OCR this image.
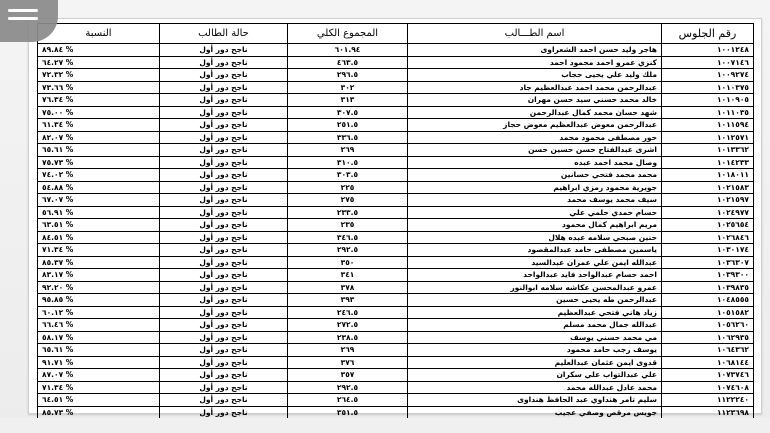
رقم الجلوس	اسم الطـــالب	المجموع الكلي	حالة الطالب	النسبة
١٠٠١٢٤٨	هاجر وليد حسن احمد الشعراوى	٦٠١.٩٤	ناجح دور أول	٨٩.٨٤ %
١٠٠٧١٤٦	كنزي عمرو احمد محمود احمد	٤٦٣.٥	ناجح دور أول	٦٤.٢٧ %
١٠٠٩٢٧٤	ملك وليد علي يحيى حجاب	٢٩٦.٥	ناجح دور أول	٧٢.٣٢ %
١٠١٠٣٧٥	عبدالرحمن محمد احمد عبدالعظيم جاد	٣٠٢	ناجح دور أول	٧٣.٦٦ %
١٠١٠٩٠٥	خالد محمد حسني سيد حسن مهران	٣١٣	ناجح دور أول	٧٦.٣٤ %
١٠١١٠٣٥	شهد حسان محمد كمال عبدالرحمن	٣٠٧.٥	ناجح دور أول	٧٥.٠٠ %
١٠١١٥٩٤	عبدالرحمن معوض عبدالعظيم معوض حجاز	٢٥١.٥	ناجح دور أول	٦١.٣٤ %
١٠١٢٥٧١	حور مصطفى محمود محمد	٣٣٦.٥	ناجح دور أول	٨٢.٠٧ %
١٠١٣٣٦٢	اشرى عبدالفتاح حسن حسين حسن	٢٦٩	ناجح دور أول	٦٥.٦١ %
١٠١٤٢٣٣	وصال محمد احمد عبده	٣١٠.٥	ناجح دور أول	٧٥.٧٣ %
١٠١٨٠١١	محمد محمد فتحي حسانين	٣٠٣.٥	ناجح دور أول	٧٤.٠٢ %
١٠٢١٥٨٣	جويرية محمود رمزي ابراهيم	٢٢٥	ناجح دور أول	٥٤.٨٨ %
١٠٢١٥٩٧	سيف محمد يوسف محمد	٢٧٥	ناجح دور أول	٦٧.٠٧ %
١٠٢٤٩٧٧	حسام حمدي حلمي علي	٢٣٣.٥	ناجح دور أول	٥٦.٩١ %
١٠٢٥٦٥٤	مريم ابراهيم كمال محمود	٢٣٥	ناجح دور أول	٦٣.٥١ %
١٠٢٦٨٤٦	حنين صبحي سلامه عبده هلال	٣٤٦.٥	ناجح دور أول	٨٤.٥١ %
١٠٣٠١٧٤	ياسمين مصطفى حامد عبدالمقصود	٢٩٢.٥	ناجح دور أول	٧١.٣٤ %
١٠٣٦٣٠٧	عبدالله ايمن علي عمران عبدالسيد	٣٥٠	ناجح دور أول	٨٥.٣٧ %
١٠٣٩٣٠٠	احمد حسام عبدالواحد فايد عبدالواحد	٣٤١	ناجح دور أول	٨٣.١٧ %
١٠٣٩٨٣٥	عمرو عبدالمحسن عكاشه سلامه ابوالنور	٣٧٨	ناجح دور أول	٩٢.٢٠ %
١٠٤٨٥٥٥	عبدالرحمن طه يحيى حسين	٣٩٣	ناجح دور أول	٩٥.٨٥ %
١٠٥١٥٨٢	زياد هاني فتحي عبدالعظيم	٢٤٦.٥	ناجح دور أول	٦٠.١٢ %
١٠٥٦٢٦٠	عبدالله جمال محمد مسلم	٢٧٢.٥	ناجح دور أول	٦٦.٤٦ %
١٠٦٢٩٣٥	مي محمد حسني يوسف	٢٣٨.٥	ناجح دور أول	٥٨.١٧ %
١٠٦٤٣٦٢	يوسف رجب حامد محمود	٢٦٩	ناجح دور أول	٦٥.٦١ %
١٠٦٨١٤٤	قدوى ايمن عثمان عبدالعليم	٣٧٦	ناجح دور أول	٩١.٧١ %
١٠٧٣٧٤٦	علي عبدالتواب علي سكران	٣٥٧	ناجح دور أول	٨٧.٠٧ %
١٠٧٤٦٠٨	محمد عادل عبدالله محمد	٢٩٢.٥	ناجح دور أول	٧١.٣٤ %
١١٢٢٢٤٠	سليم تامر هنداوي عبد الحافظ هنداوى	٢٦٤.٥	ناجح دور أول	٦٤.٥١ %
١١٢٣٦٩٨	جويس مرقص وصفي عجيب	٣٥١.٥	ناجح دور أول	٨٥.٧٣ %
